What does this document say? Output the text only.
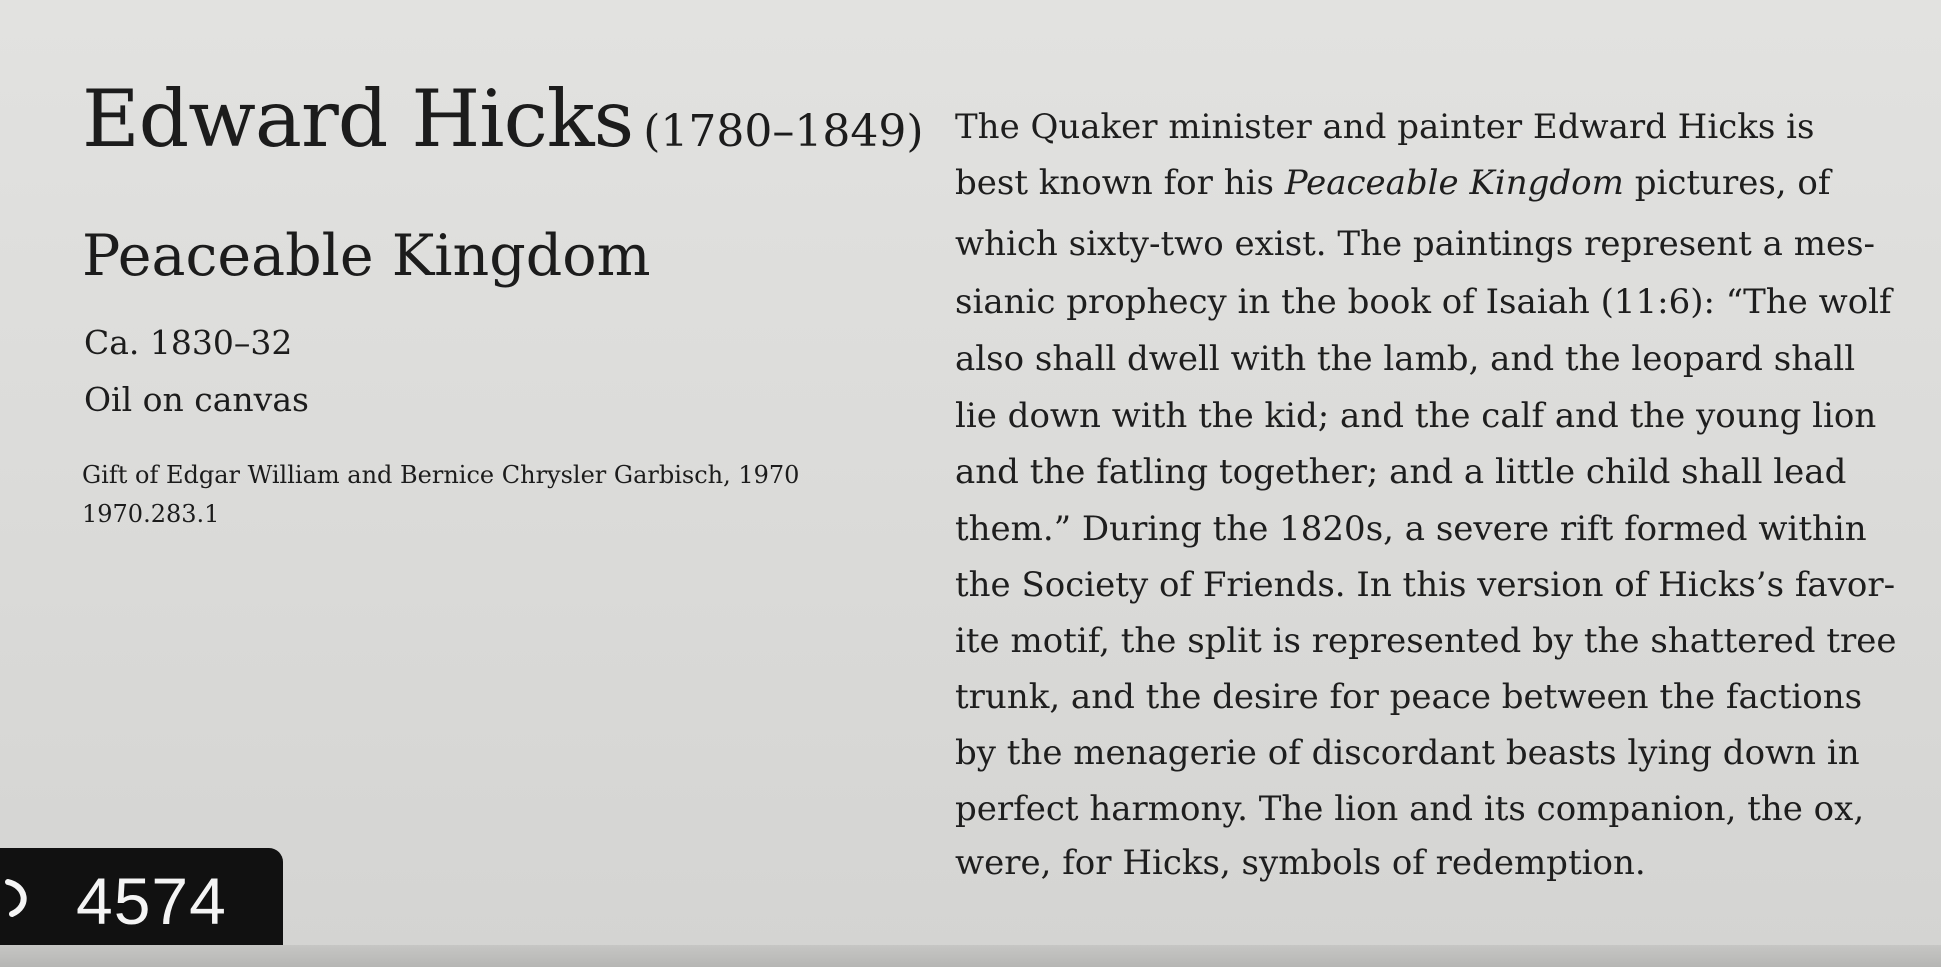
Edward Hicks (1780–1849)
Peaceable Kingdom
Ca. 1830–32
Oil on canvas
Gift of Edgar William and Bernice Chrysler Garbisch, 1970
1970.283.1
The Quaker minister and painter Edward Hicks is
best known for his Peaceable Kingdom pictures, of
which sixty-two exist. The paintings represent a mes-
sianic prophecy in the book of Isaiah (11:6): “The wolf
also shall dwell with the lamb, and the leopard shall
lie down with the kid; and the calf and the young lion
and the fatling together; and a little child shall lead
them.” During the 1820s, a severe rift formed within
the Society of Friends. In this version of Hicks’s favor-
ite motif, the split is represented by the shattered tree
trunk, and the desire for peace between the factions
by the menagerie of discordant beasts lying down in
perfect harmony. The lion and its companion, the ox,
were, for Hicks, symbols of redemption.
4574
